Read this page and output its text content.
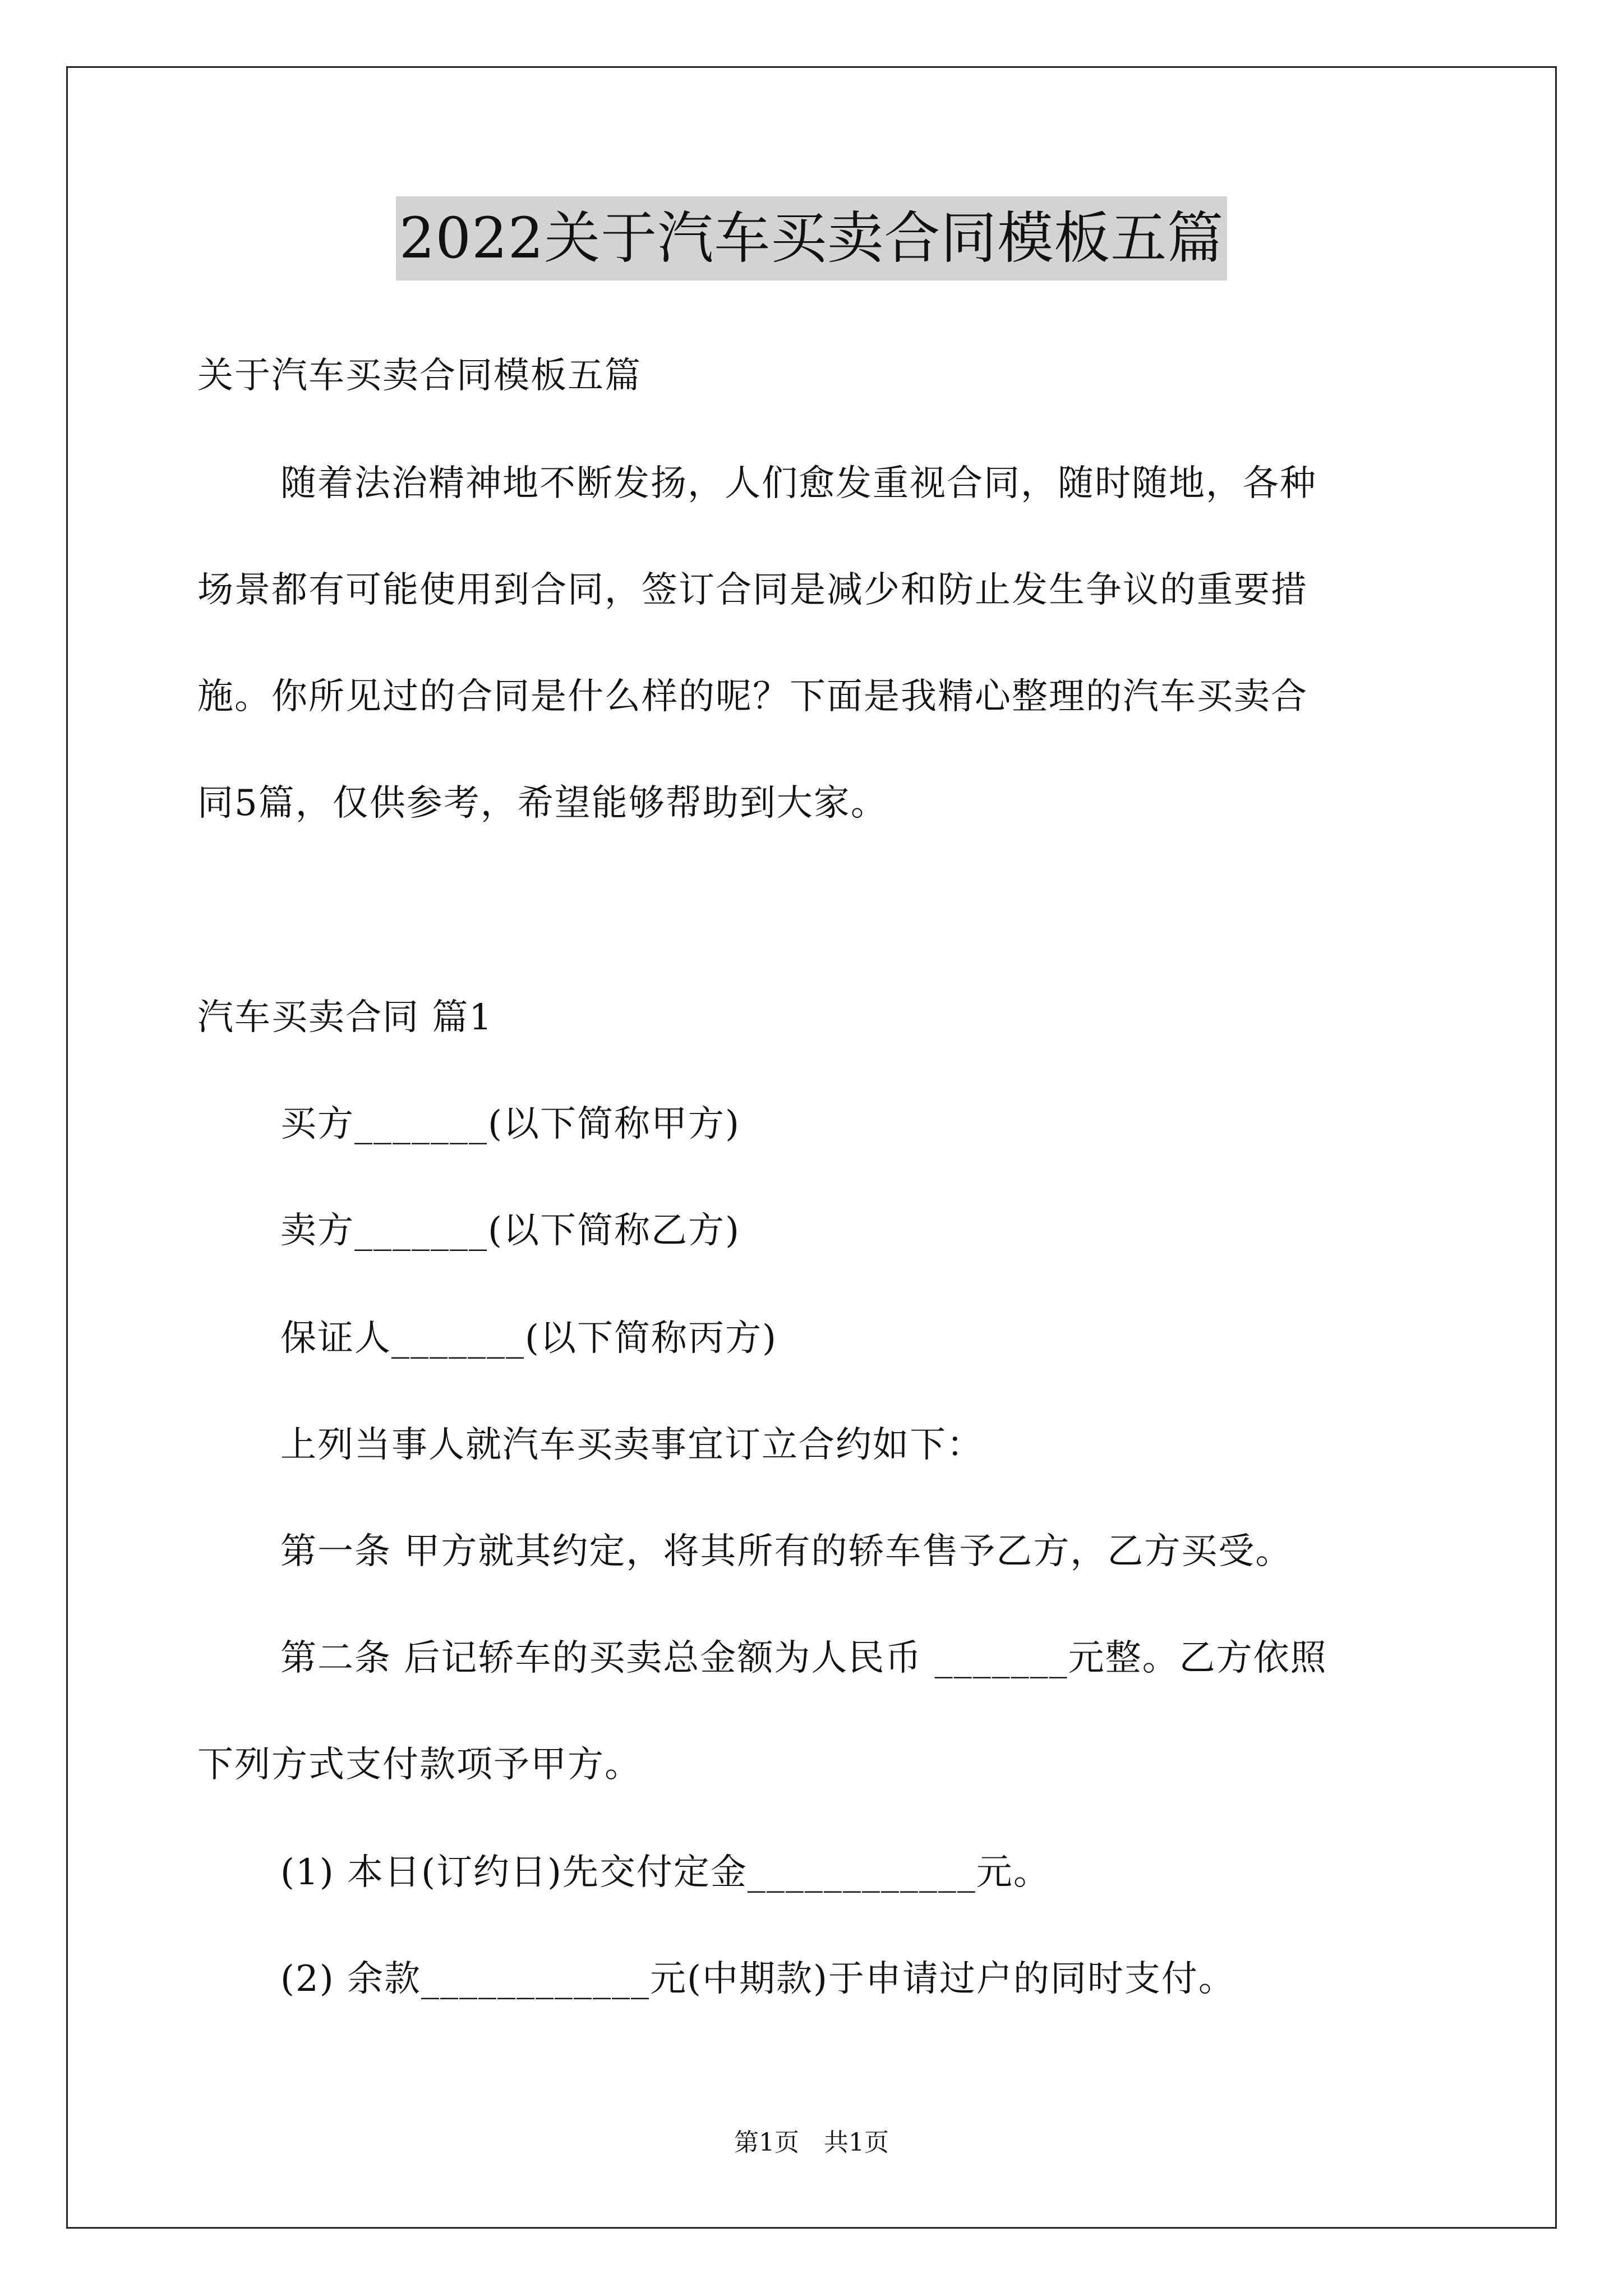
2022关于汽车买卖合同模板五篇
关于汽车买卖合同模板五篇
随着法治精神地不断发扬，人们愈发重视合同，随时随地，各种
场景都有可能使用到合同，签订合同是减少和防止发生争议的重要措
施。你所见过的合同是什么样的呢？下面是我精心整理的汽车买卖合
同5篇，仅供参考，希望能够帮助到大家。
汽车买卖合同 篇1
买方_______(以下简称甲方)
卖方_______(以下简称乙方)
保证人_______(以下简称丙方)
上列当事人就汽车买卖事宜订立合约如下：
第一条 甲方就其约定，将其所有的轿车售予乙方，乙方买受。
第二条 后记轿车的买卖总金额为人民币 _______元整。乙方依照
下列方式支付款项予甲方。
(1) 本日(订约日)先交付定金____________元。
(2) 余款____________元(中期款)于申请过户的同时支付。
第1页　共1页
